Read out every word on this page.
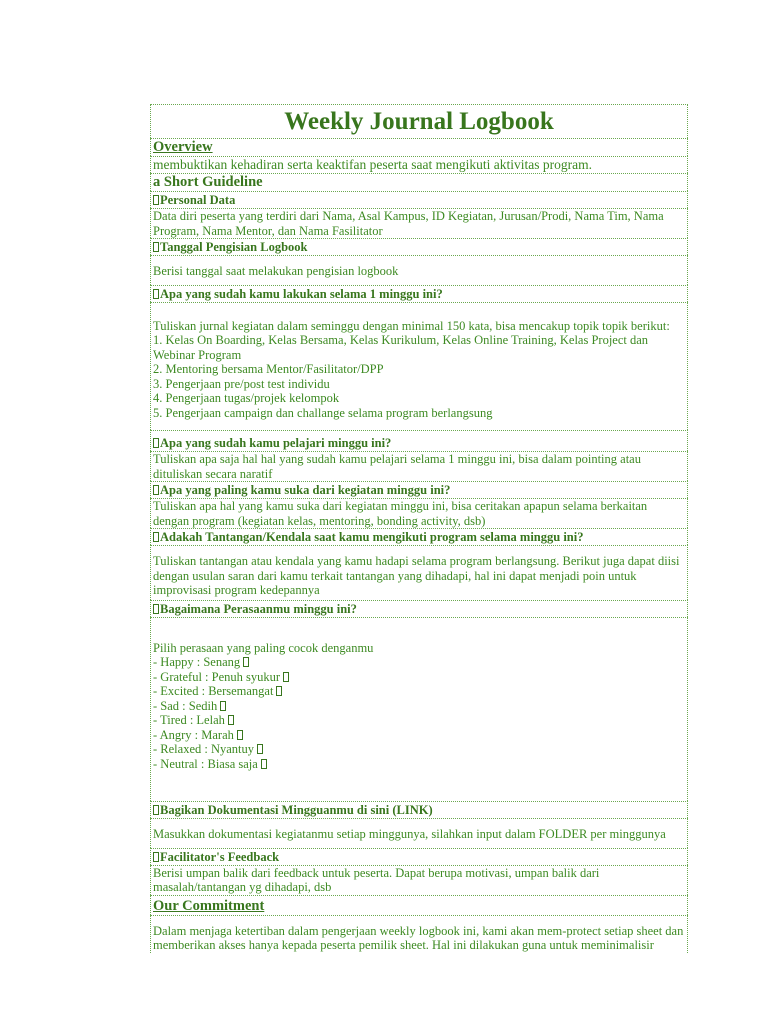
Weekly Journal Logbook
Overview
membuktikan kehadiran serta keaktifan peserta saat mengikuti aktivitas program.
a Short Guideline
Personal Data
Data diri peserta yang terdiri dari Nama, Asal Kampus, ID Kegiatan, Jurusan/Prodi, Nama Tim, Nama Program, Nama Mentor, dan Nama Fasilitator
Tanggal Pengisian Logbook
Berisi tanggal saat melakukan pengisian logbook
Apa yang sudah kamu lakukan selama 1 minggu ini?
Tuliskan jurnal kegiatan dalam seminggu dengan minimal 150 kata, bisa mencakup topik topik berikut:
1. Kelas On Boarding, Kelas Bersama, Kelas Kurikulum, Kelas Online Training, Kelas Project dan Webinar Program
2. Mentoring bersama Mentor/Fasilitator/DPP
3. Pengerjaan pre/post test individu
4. Pengerjaan tugas/projek kelompok
5. Pengerjaan campaign dan challange selama program berlangsung
Apa yang sudah kamu pelajari minggu ini?
Tuliskan apa saja hal hal yang sudah kamu pelajari selama 1 minggu ini, bisa dalam pointing atau dituliskan secara naratif
Apa yang paling kamu suka dari kegiatan minggu ini?
Tuliskan apa hal yang kamu suka dari kegiatan minggu ini, bisa ceritakan apapun selama berkaitan dengan program (kegiatan kelas, mentoring, bonding activity, dsb)
Adakah Tantangan/Kendala saat kamu mengikuti program selama minggu ini?
Tuliskan tantangan atau kendala yang kamu hadapi selama program berlangsung. Berikut juga dapat diisi dengan usulan saran dari kamu terkait tantangan yang dihadapi, hal ini dapat menjadi poin untuk improvisasi program kedepannya
Bagaimana Perasaanmu minggu ini?
Pilih perasaan yang paling cocok denganmu
- Happy : Senang
- Grateful : Penuh syukur
- Excited : Bersemangat
- Sad : Sedih
- Tired : Lelah
- Angry : Marah
- Relaxed : Nyantuy
- Neutral : Biasa saja
Bagikan Dokumentasi Mingguanmu di sini (LINK)
Masukkan dokumentasi kegiatanmu setiap minggunya, silahkan input dalam FOLDER per minggunya
Facilitator's Feedback
Berisi umpan balik dari feedback untuk peserta. Dapat berupa motivasi, umpan balik dari masalah/tantangan yg dihadapi, dsb
Our Commitment
Dalam menjaga ketertiban dalam pengerjaan weekly logbook ini, kami akan mem-protect setiap sheet dan memberikan akses hanya kepada peserta pemilik sheet. Hal ini dilakukan guna untuk meminimalisir
